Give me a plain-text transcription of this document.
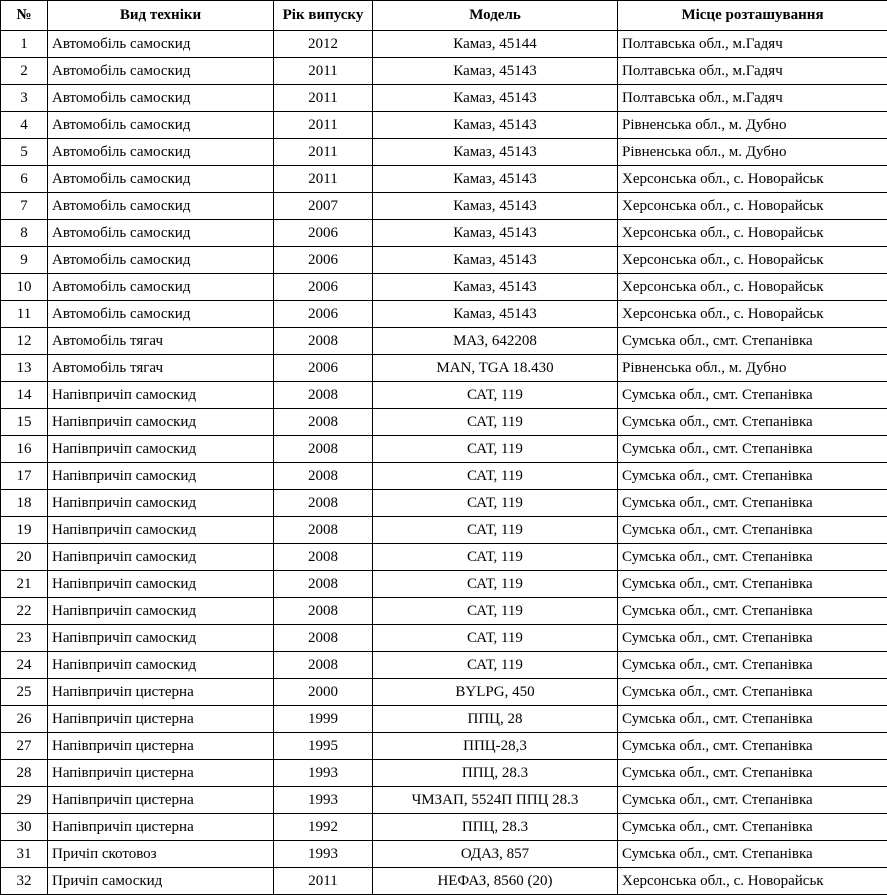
№	Вид техніки	Рік випуску	Модель	Місце розташування
1	Автомобіль самоскид	2012	Камаз, 45144	Полтавська обл., м.Гадяч
2	Автомобіль самоскид	2011	Камаз, 45143	Полтавська обл., м.Гадяч
3	Автомобіль самоскид	2011	Камаз, 45143	Полтавська обл., м.Гадяч
4	Автомобіль самоскид	2011	Камаз, 45143	Рівненська обл., м. Дубно
5	Автомобіль самоскид	2011	Камаз, 45143	Рівненська обл., м. Дубно
6	Автомобіль самоскид	2011	Камаз, 45143	Херсонська обл., с. Новорайськ
7	Автомобіль самоскид	2007	Камаз, 45143	Херсонська обл., с. Новорайськ
8	Автомобіль самоскид	2006	Камаз, 45143	Херсонська обл., с. Новорайськ
9	Автомобіль самоскид	2006	Камаз, 45143	Херсонська обл., с. Новорайськ
10	Автомобіль самоскид	2006	Камаз, 45143	Херсонська обл., с. Новорайськ
11	Автомобіль самоскид	2006	Камаз, 45143	Херсонська обл., с. Новорайськ
12	Автомобіль тягач	2008	МАЗ, 642208	Сумська обл., смт. Степанівка
13	Автомобіль тягач	2006	MAN, TGA 18.430	Рівненська обл., м. Дубно
14	Напівпричіп самоскид	2008	САТ, 119	Сумська обл., смт. Степанівка
15	Напівпричіп самоскид	2008	САТ, 119	Сумська обл., смт. Степанівка
16	Напівпричіп самоскид	2008	САТ, 119	Сумська обл., смт. Степанівка
17	Напівпричіп самоскид	2008	САТ, 119	Сумська обл., смт. Степанівка
18	Напівпричіп самоскид	2008	САТ, 119	Сумська обл., смт. Степанівка
19	Напівпричіп самоскид	2008	САТ, 119	Сумська обл., смт. Степанівка
20	Напівпричіп самоскид	2008	САТ, 119	Сумська обл., смт. Степанівка
21	Напівпричіп самоскид	2008	САТ, 119	Сумська обл., смт. Степанівка
22	Напівпричіп самоскид	2008	САТ, 119	Сумська обл., смт. Степанівка
23	Напівпричіп самоскид	2008	САТ, 119	Сумська обл., смт. Степанівка
24	Напівпричіп самоскид	2008	САТ, 119	Сумська обл., смт. Степанівка
25	Напівпричіп цистерна	2000	BYLPG, 450	Сумська обл., смт. Степанівка
26	Напівпричіп цистерна	1999	ППЦ, 28	Сумська обл., смт. Степанівка
27	Напівпричіп цистерна	1995	ППЦ-28,3	Сумська обл., смт. Степанівка
28	Напівпричіп цистерна	1993	ППЦ, 28.3	Сумська обл., смт. Степанівка
29	Напівпричіп цистерна	1993	ЧМЗАП, 5524П ППЦ 28.3	Сумська обл., смт. Степанівка
30	Напівпричіп цистерна	1992	ППЦ, 28.3	Сумська обл., смт. Степанівка
31	Причіп скотовоз	1993	ОДАЗ, 857	Сумська обл., смт. Степанівка
32	Причіп самоскид	2011	НЕФАЗ, 8560 (20)	Херсонська обл., с. Новорайськ
